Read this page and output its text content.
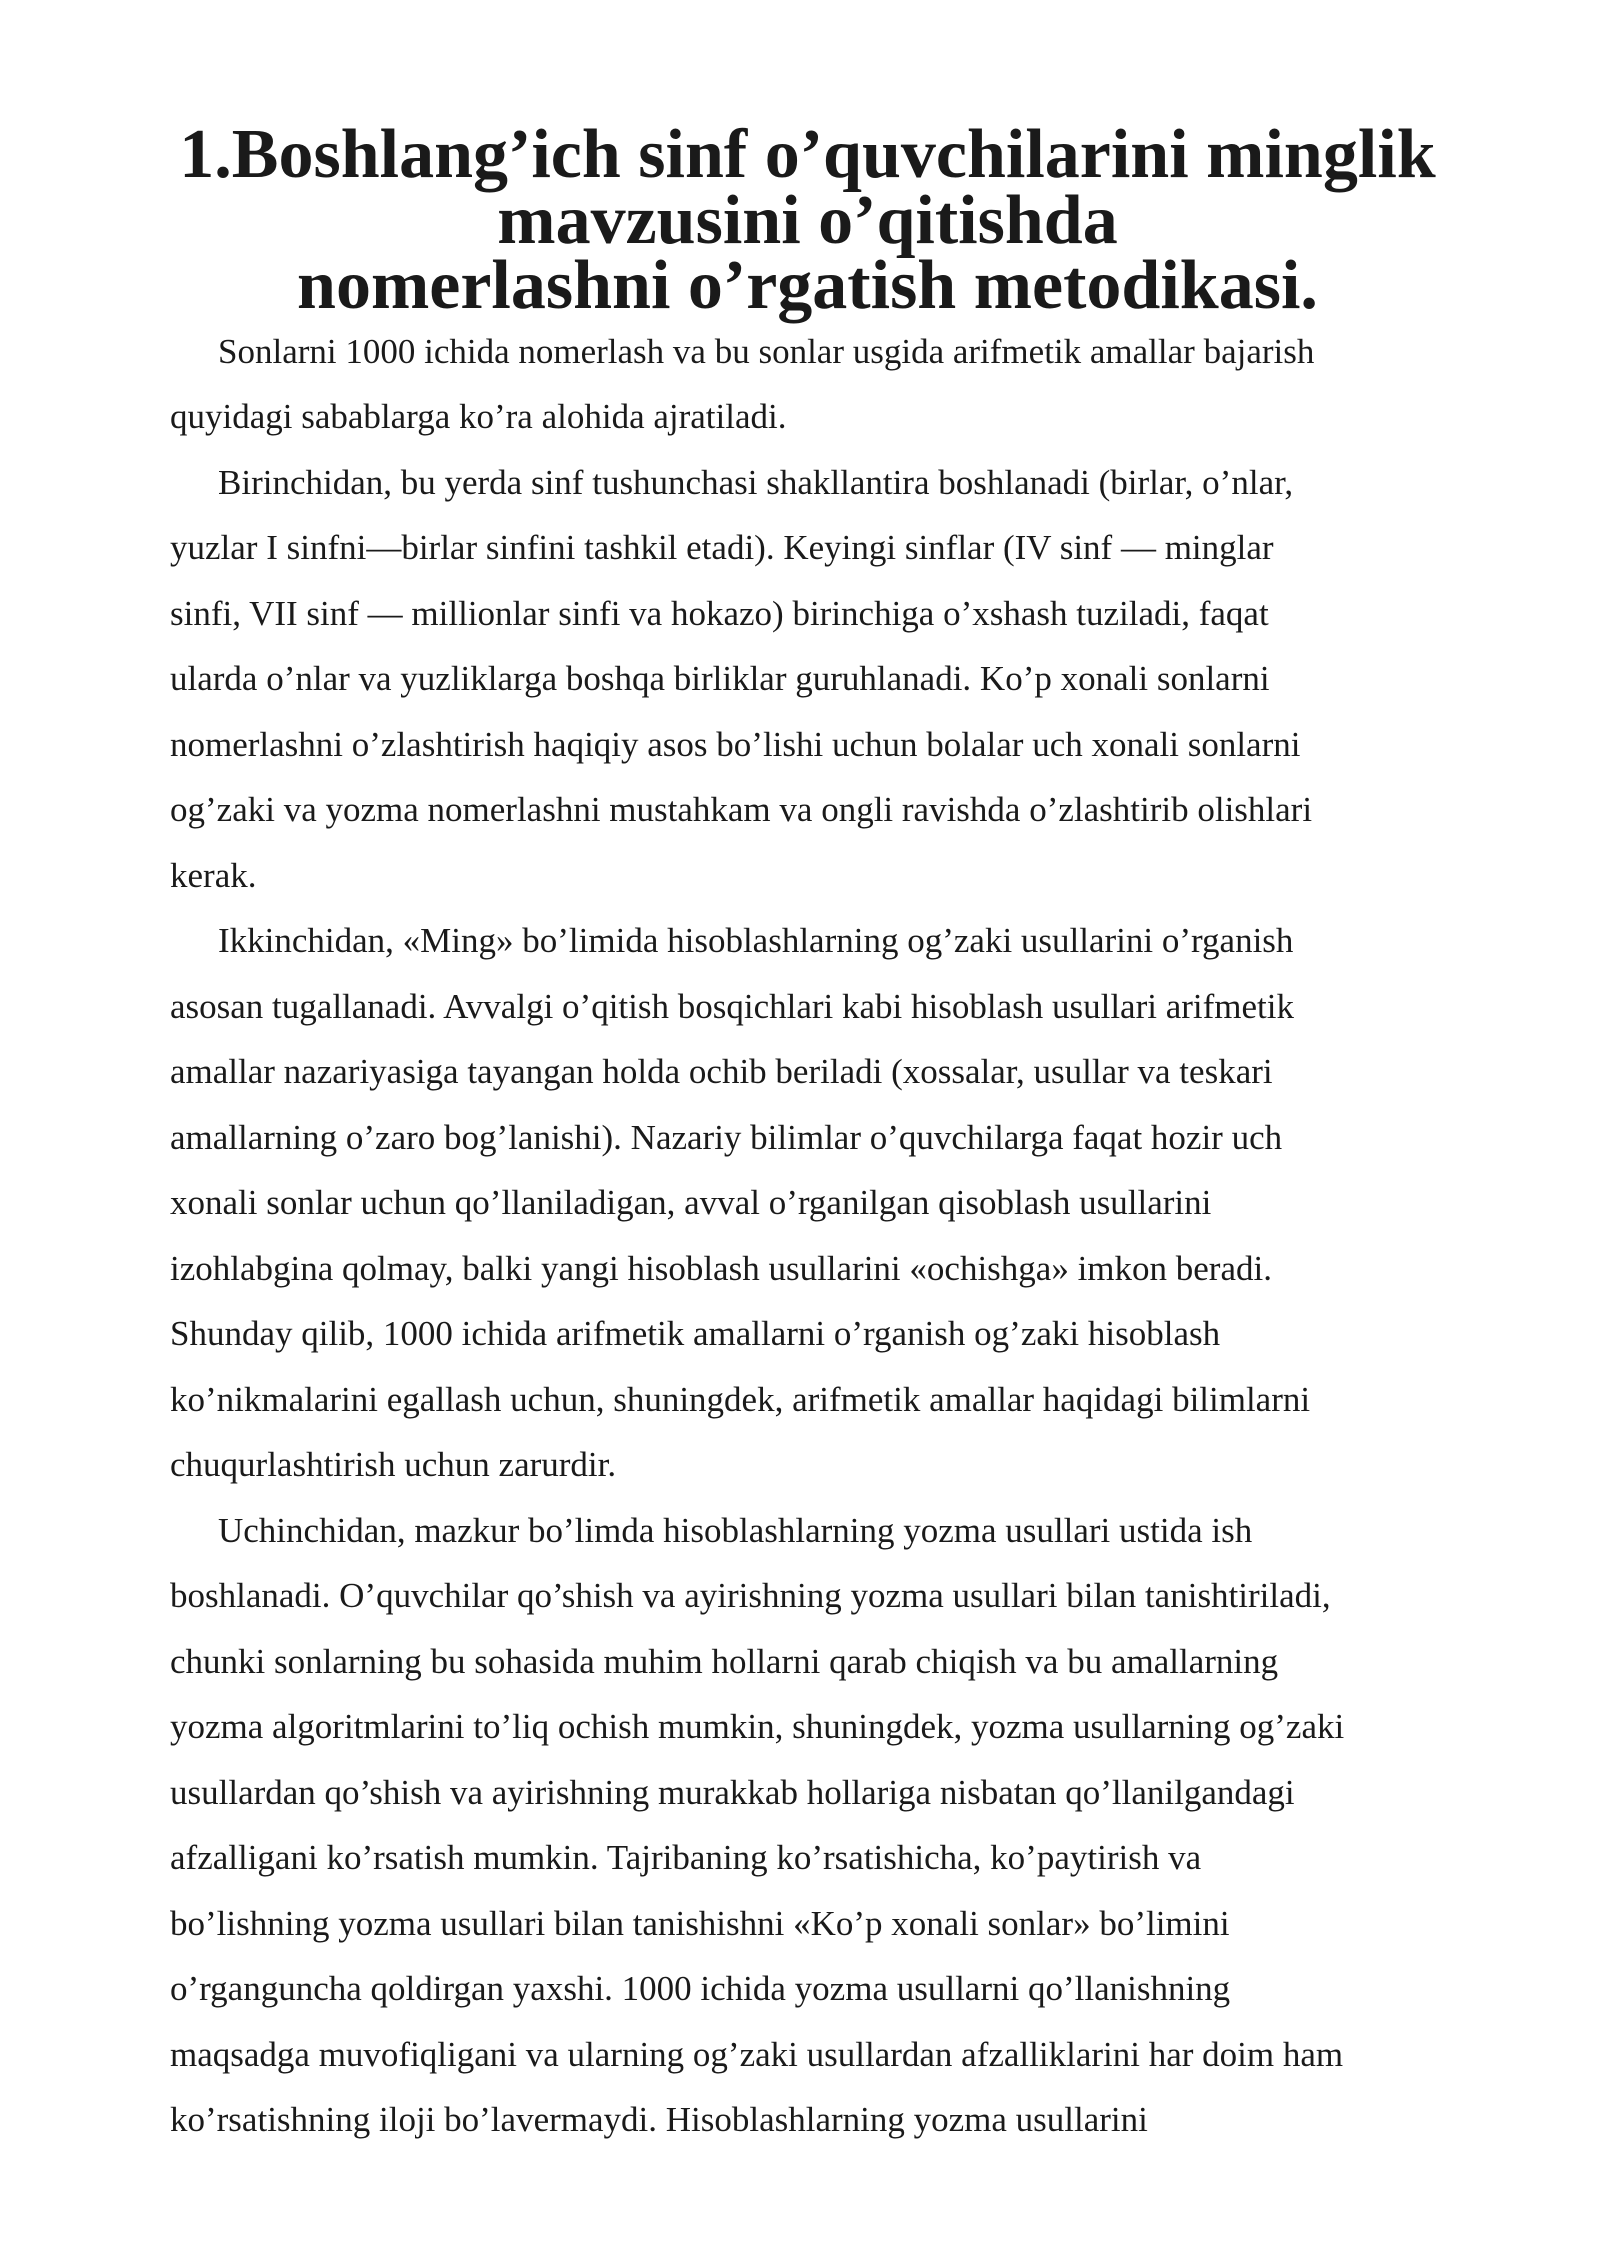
1.Boshlang’ich sinf o’quvchilarini minglik mavzusini o’qitishda
nomerlashni o’rgatish metodikasi.

Sonlarni 1000 ichida nomerlash va bu sonlar usgida arifmetik amallar bajarish
quyidagi sabablarga ko’ra alohida ajratiladi.

Birinchidan, bu yerda sinf tushunchasi shakllantira boshlanadi (birlar, o’nlar,
yuzlar I sinfni—birlar sinfini tashkil etadi). Keyingi sinflar (IV sinf — minglar
sinfi, VII sinf — millionlar sinfi va hokazo) birinchiga o’xshash tuziladi, faqat
ularda o’nlar va yuzliklarga boshqa birliklar guruhlanadi. Ko’p xonali sonlarni
nomerlashni o’zlashtirish haqiqiy asos bo’lishi uchun bolalar uch xonali sonlarni
og’zaki va yozma nomerlashni mustahkam va ongli ravishda o’zlashtirib olishlari
kerak.

Ikkinchidan, «Ming» bo’limida hisoblashlarning og’zaki usullarini o’rganish
asosan tugallanadi. Avvalgi o’qitish bosqichlari kabi hisoblash usullari arifmetik
amallar nazariyasiga tayangan holda ochib beriladi (xossalar, usullar va teskari
amallarning o’zaro bog’lanishi). Nazariy bilimlar o’quvchilarga faqat hozir uch
xonali sonlar uchun qo’llaniladigan, avval o’rganilgan qisoblash usullarini
izohlabgina qolmay, balki yangi hisoblash usullarini «ochishga» imkon beradi.
Shunday qilib, 1000 ichida arifmetik amallarni o’rganish og’zaki hisoblash
ko’nikmalarini egallash uchun, shuningdek, arifmetik amallar haqidagi bilimlarni
chuqurlashtirish uchun zarurdir.

Uchinchidan, mazkur bo’limda hisoblashlarning yozma usullari ustida ish
boshlanadi. O’quvchilar qo’shish va ayirishning yozma usullari bilan tanishtiriladi,
chunki sonlarning bu sohasida muhim hollarni qarab chiqish va bu amallarning
yozma algoritmlarini to’liq ochish mumkin, shuningdek, yozma usullarning og’zaki
usullardan qo’shish va ayirishning murakkab hollariga nisbatan qo’llanilgandagi
afzalligani ko’rsatish mumkin. Tajribaning ko’rsatishicha, ko’paytirish va
bo’lishning yozma usullari bilan tanishishni «Ko’p xonali sonlar» bo’limini
o’rganguncha qoldirgan yaxshi. 1000 ichida yozma usullarni qo’llanishning
maqsadga muvofiqligani va ularning og’zaki usullardan afzalliklarini har doim ham
ko’rsatishning iloji bo’lavermaydi. Hisoblashlarning yozma usullarini
